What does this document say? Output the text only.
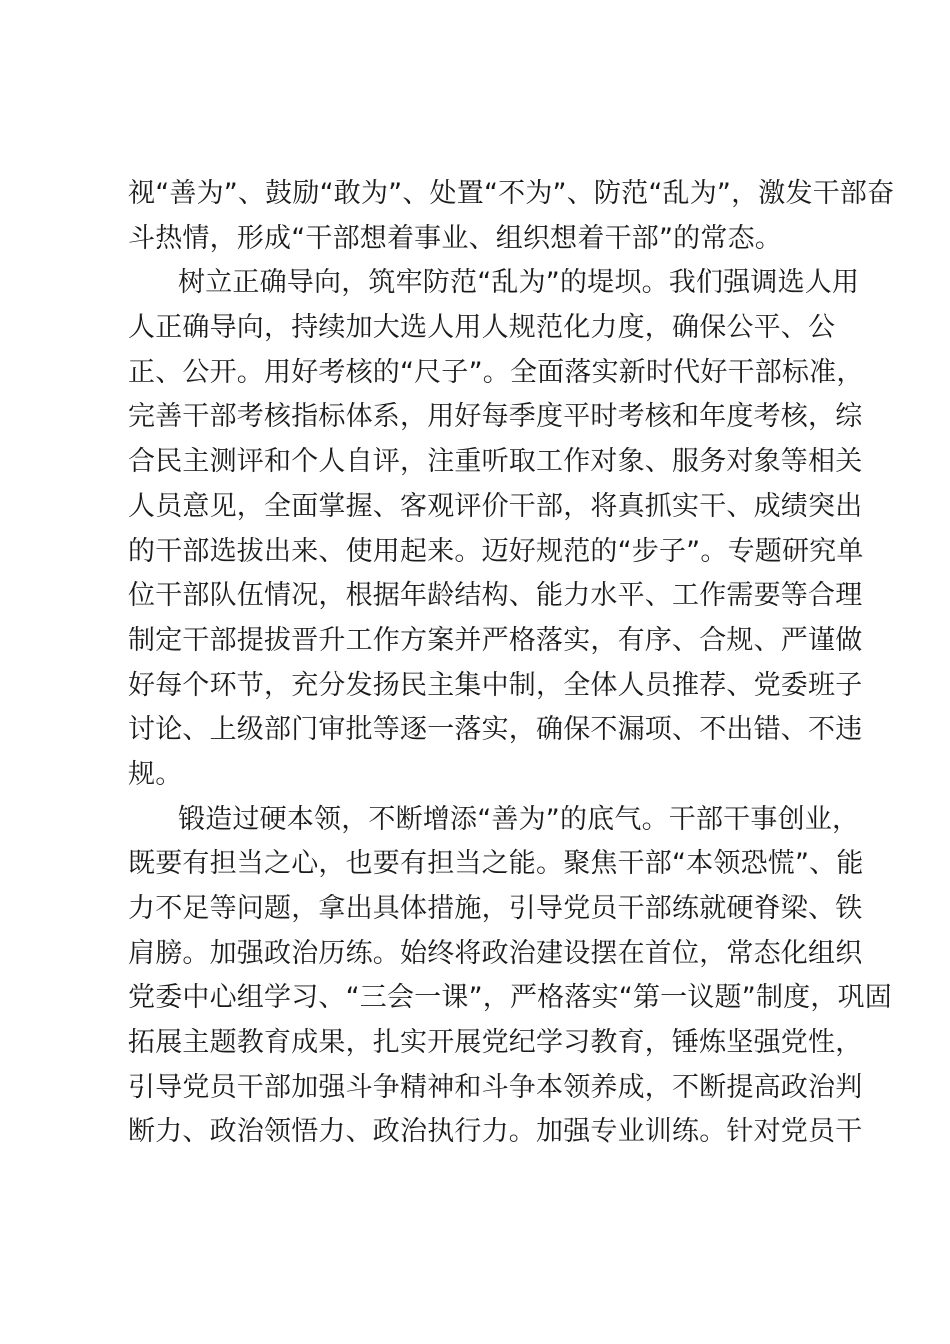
视“善为”、鼓励“敢为”、处置“不为”、防范“乱为”，激发干部奋
斗热情，形成“干部想着事业、组织想着干部”的常态。
树立正确导向，筑牢防范“乱为”的堤坝。我们强调选人用
人正确导向，持续加大选人用人规范化力度，确保公平、公
正、公开。用好考核的“尺子”。全面落实新时代好干部标准，
完善干部考核指标体系，用好每季度平时考核和年度考核，综
合民主测评和个人自评，注重听取工作对象、服务对象等相关
人员意见，全面掌握、客观评价干部，将真抓实干、成绩突出
的干部选拔出来、使用起来。迈好规范的“步子”。专题研究单
位干部队伍情况，根据年龄结构、能力水平、工作需要等合理
制定干部提拔晋升工作方案并严格落实，有序、合规、严谨做
好每个环节，充分发扬民主集中制，全体人员推荐、党委班子
讨论、上级部门审批等逐一落实，确保不漏项、不出错、不违
规。
锻造过硬本领，不断增添“善为”的底气。干部干事创业，
既要有担当之心，也要有担当之能。聚焦干部“本领恐慌”、能
力不足等问题，拿出具体措施，引导党员干部练就硬脊梁、铁
肩膀。加强政治历练。始终将政治建设摆在首位，常态化组织
党委中心组学习、“三会一课”，严格落实“第一议题”制度，巩固
拓展主题教育成果，扎实开展党纪学习教育，锤炼坚强党性，
引导党员干部加强斗争精神和斗争本领养成，不断提高政治判
断力、政治领悟力、政治执行力。加强专业训练。针对党员干
